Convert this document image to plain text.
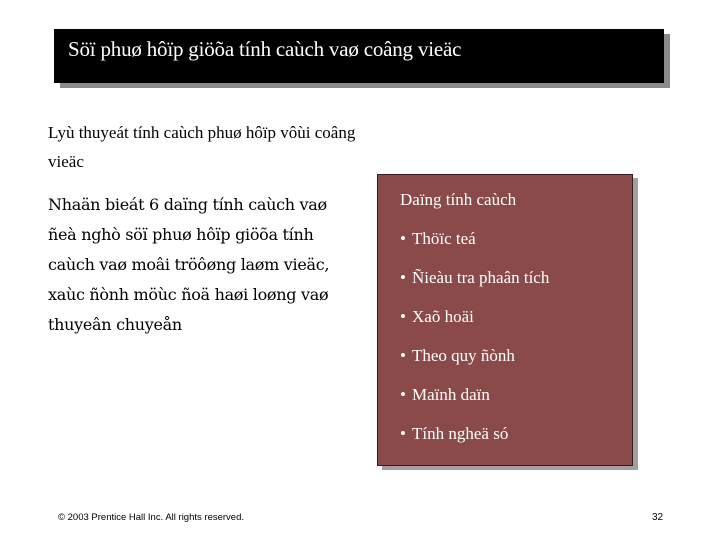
Söï phuø hôïp giöõa tính caùch vaø coâng vieäc
Lyù thuyeát tính caùch phuø hôïp vôùi coâng vieäc
Nhaän bieát 6 daïng tính caùch vaø ñeà nghò söï phuø hôïp giöõa tính caùch vaø moâi tröôøng laøm vieäc, xaùc ñònh möùc ñoä haøi loøng vaø thuyeân chuyeån
Daïng tính caùch
• Thöïc teá
• Ñieàu tra phaân tích
• Xaõ hoäi
• Theo quy ñònh
• Maïnh daïn
• Tính ngheä só
© 2003 Prentice Hall Inc. All rights reserved.	32
